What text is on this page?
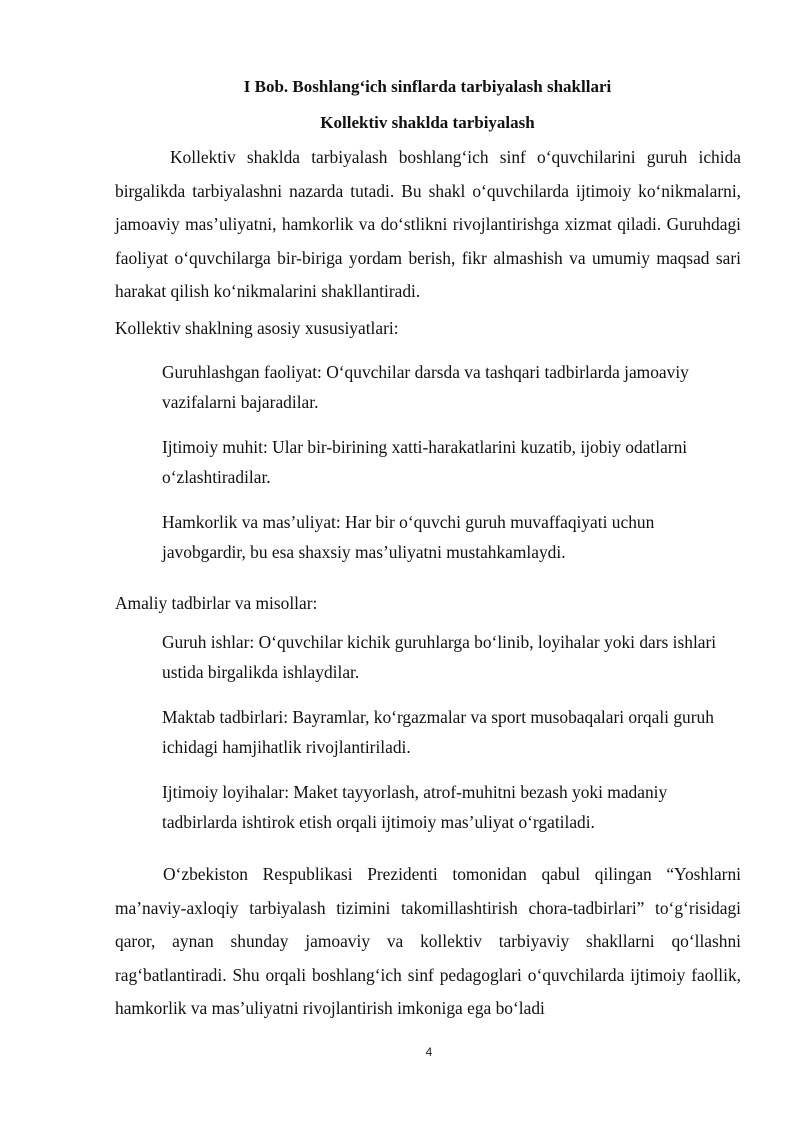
I Bob. Boshlang‘ich sinflarda tarbiyalash shakllari
Kollektiv shaklda tarbiyalash

Kollektiv shaklda tarbiyalash boshlang‘ich sinf o‘quvchilarini guruh ichida birgalikda tarbiyalashni nazarda tutadi. Bu shakl o‘quvchilarda ijtimoiy ko‘nikmalarni, jamoaviy mas’uliyatni, hamkorlik va do‘stlikni rivojlantirishga xizmat qiladi. Guruhdagi faoliyat o‘quvchilarga bir-biriga yordam berish, fikr almashish va umumiy maqsad sari harakat qilish ko‘nikmalarini shakllantiradi.

Kollektiv shaklning asosiy xususiyatlari:

Guruhlashgan faoliyat: O‘quvchilar darsda va tashqari tadbirlarda jamoaviy vazifalarni bajaradilar.

Ijtimoiy muhit: Ular bir-birining xatti-harakatlarini kuzatib, ijobiy odatlarni o‘zlashtiradilar.

Hamkorlik va mas’uliyat: Har bir o‘quvchi guruh muvaffaqiyati uchun javobgardir, bu esa shaxsiy mas’uliyatni mustahkamlaydi.

Amaliy tadbirlar va misollar:

Guruh ishlar: O‘quvchilar kichik guruhlarga bo‘linib, loyihalar yoki dars ishlari ustida birgalikda ishlaydilar.

Maktab tadbirlari: Bayramlar, ko‘rgazmalar va sport musobaqalari orqali guruh ichidagi hamjihatlik rivojlantiriladi.

Ijtimoiy loyihalar: Maket tayyorlash, atrof-muhitni bezash yoki madaniy tadbirlarda ishtirok etish orqali ijtimoiy mas’uliyat o‘rgatiladi.

O‘zbekiston Respublikasi Prezidenti tomonidan qabul qilingan “Yoshlarni ma’naviy-axloqiy tarbiyalash tizimini takomillashtirish chora-tadbirlari” to‘g‘risidagi qaror, aynan shunday jamoaviy va kollektiv tarbiyaviy shakllarni qo‘llashni rag‘batlantiradi. Shu orqali boshlang‘ich sinf pedagoglari o‘quvchilarda ijtimoiy faollik, hamkorlik va mas’uliyatni rivojlantirish imkoniga ega bo‘ladi

4
